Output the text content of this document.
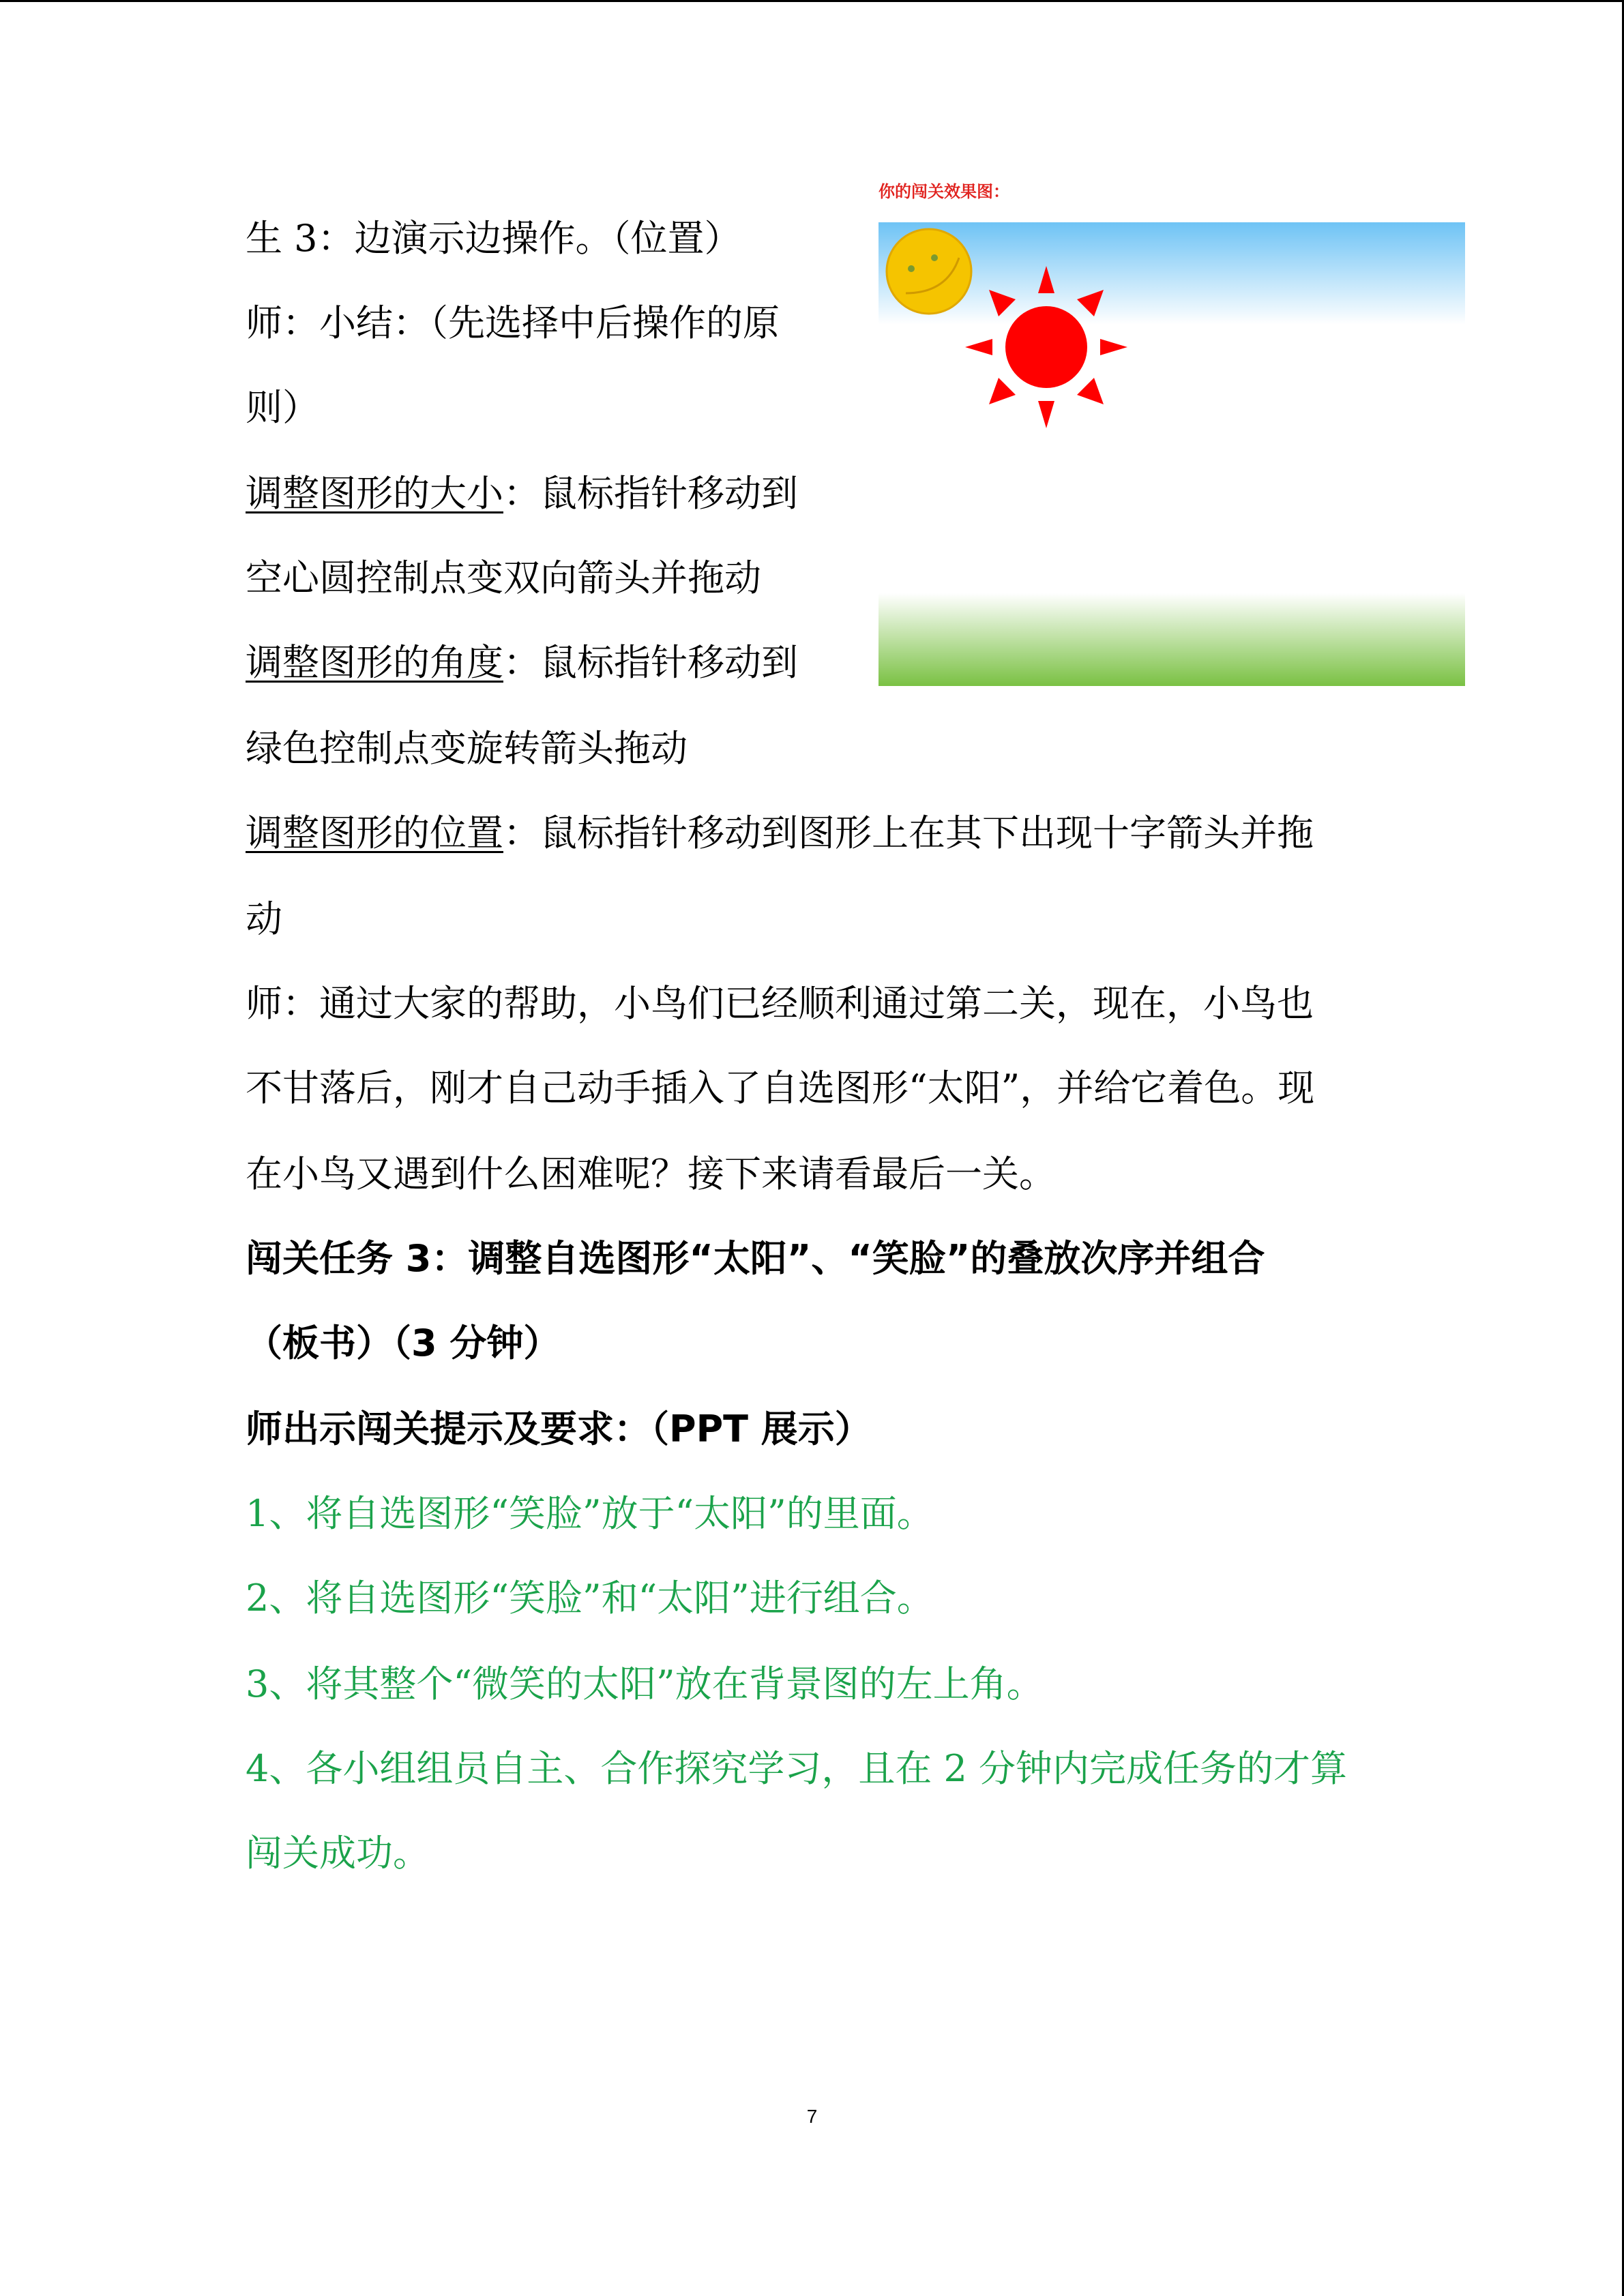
你的闯关效果图：
生 3：边演示边操作。（位置）
师：小结：（先选择中后操作的原
则）
调整图形的大小：鼠标指针移动到
空心圆控制点变双向箭头并拖动
调整图形的角度：鼠标指针移动到
绿色控制点变旋转箭头拖动
调整图形的位置：鼠标指针移动到图形上在其下出现十字箭头并拖
动
师：通过大家的帮助，小鸟们已经顺利通过第二关，现在，小鸟也
不甘落后，刚才自己动手插入了自选图形“太阳”，并给它着色。现
在小鸟又遇到什么困难呢？接下来请看最后一关。
闯关任务 3：调整自选图形“太阳”、“笑脸”的叠放次序并组合
（板书）（3 分钟）
师出示闯关提示及要求：（PPT 展示）
1、将自选图形“笑脸”放于“太阳”的里面。
2、将自选图形“笑脸”和“太阳”进行组合。
3、将其整个“微笑的太阳”放在背景图的左上角。
4、各小组组员自主、合作探究学习，且在 2 分钟内完成任务的才算
闯关成功。
7
